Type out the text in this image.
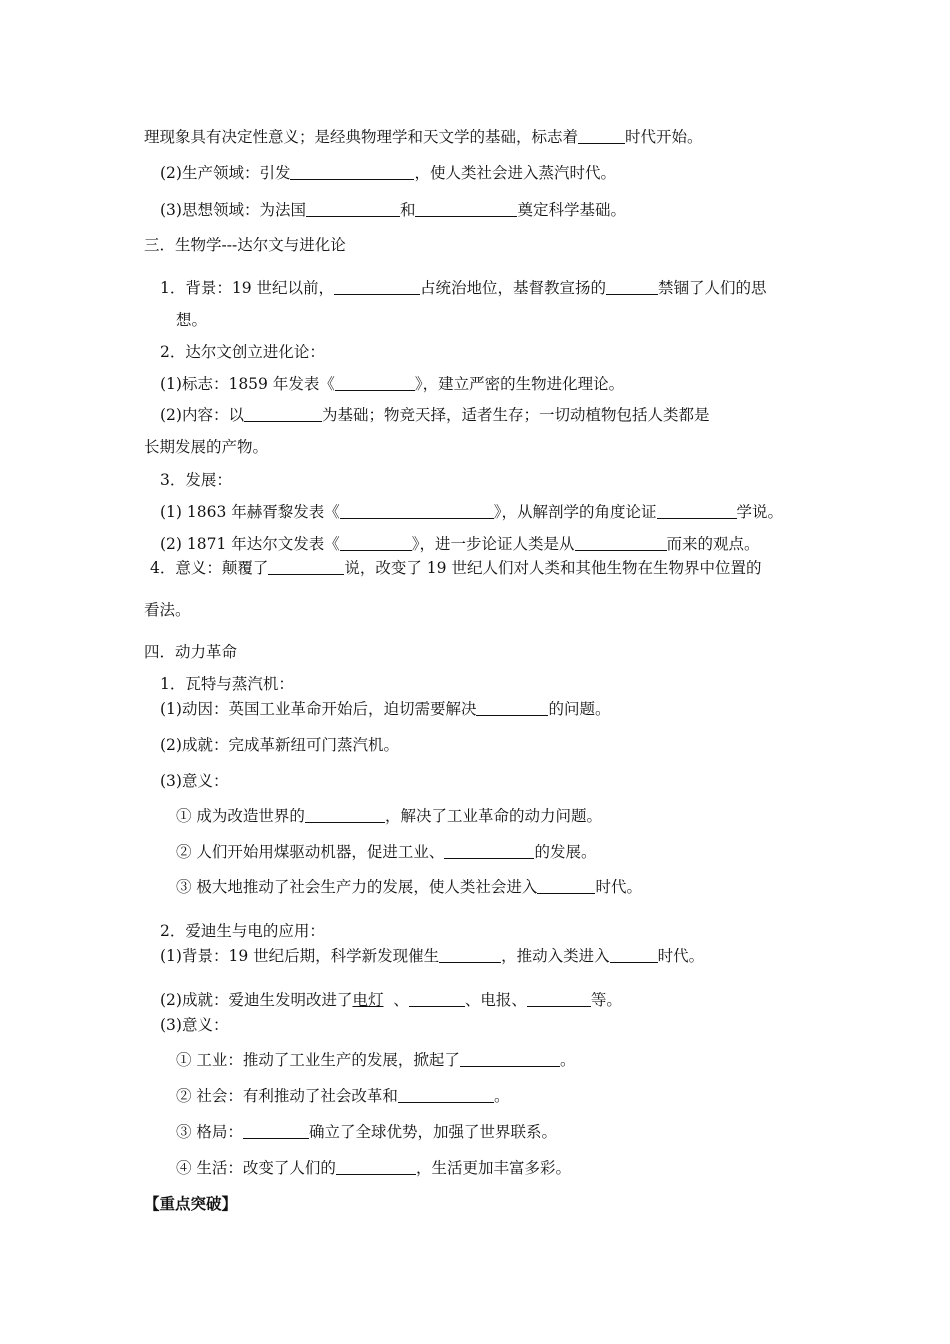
理现象具有决定性意义；是经典物理学和天文学的基础，标志着	时代开始。
(2)生产领域：引发	，使人类社会进入蒸汽时代。
(3)思想领域：为法国	和	奠定科学基础。
三．生物学---达尔文与进化论
1．背景：19 世纪以前，	占统治地位，基督教宣扬的	禁锢了人们的思
想。
2．达尔文创立进化论：
(1)标志：1859 年发表《	》，建立严密的生物进化理论。
(2)内容：以	为基础；物竞天择，适者生存；一切动植物包括人类都是
长期发展的产物。
3．发展：
(1) 1863 年赫胥黎发表《	》，从解剖学的角度论证	学说。
(2) 1871 年达尔文发表《	》，进一步论证人类是从	而来的观点。
4．意义：颠覆了	说，改变了 19 世纪人们对人类和其他生物在生物界中位置的
看法。
四．动力革命
1．瓦特与蒸汽机：
(1)动因：英国工业革命开始后，迫切需要解决	的问题。
(2)成就：完成革新纽可门蒸汽机。
(3)意义：
① 成为改造世界的	，解决了工业革命的动力问题。
② 人们开始用煤驱动机器，促进工业、	的发展。
③ 极大地推动了社会生产力的发展，使人类社会进入	时代。
2．爱迪生与电的应用：
(1)背景：19 世纪后期，科学新发现催生	，推动入类进入	时代。
(2)成就：爱迪生发明改进了电灯 、	、电报、	等。
(3)意义：
① 工业：推动了工业生产的发展，掀起了	。
② 社会：有利推动了社会改革和	。
③ 格局：	确立了全球优势，加强了世界联系。
④ 生活：改变了人们的	，生活更加丰富多彩。
【重点突破】
